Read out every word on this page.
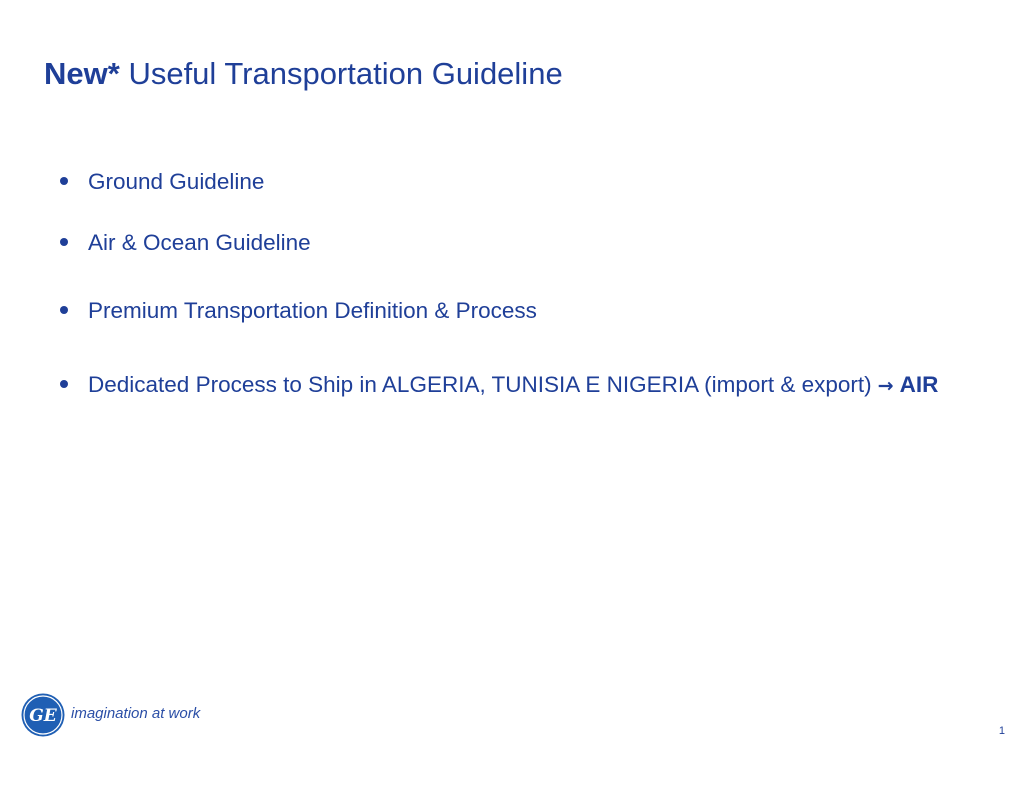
New* Useful Transportation Guideline
Ground Guideline
Air & Ocean Guideline
Premium Transportation Definition & Process
Dedicated Process to Ship in ALGERIA, TUNISIA E NIGERIA (import & export) → AIR
GE imagination at work
1
